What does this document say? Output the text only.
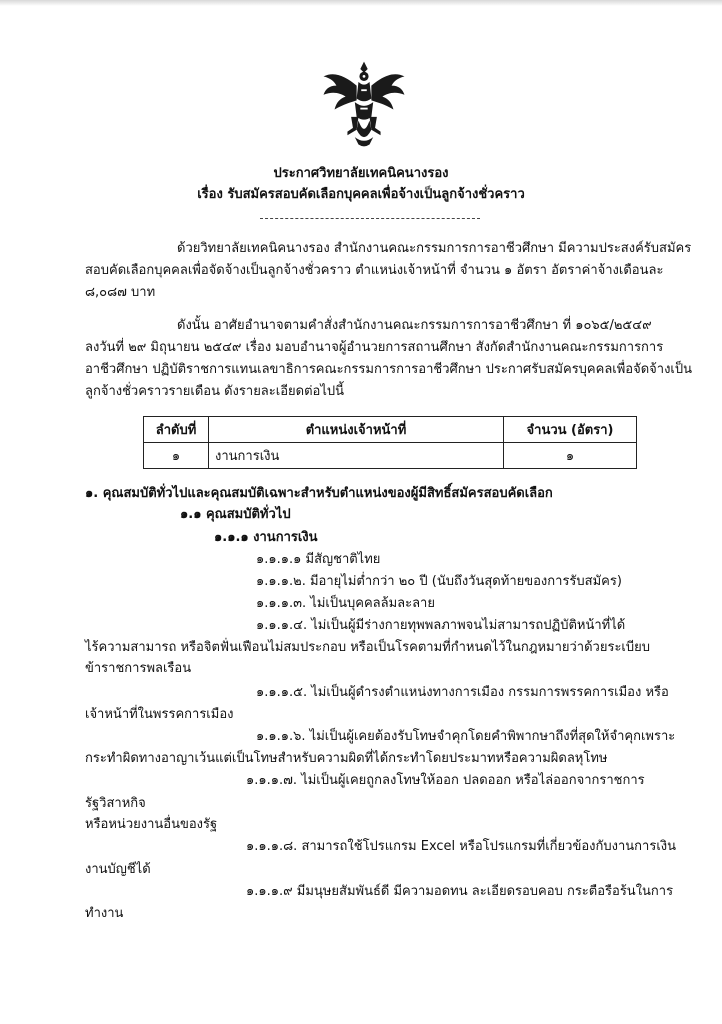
ประกาศวิทยาลัยเทคนิคนางรอง
เรื่อง รับสมัครสอบคัดเลือกบุคคลเพื่อจ้างเป็นลูกจ้างชั่วคราว
ด้วยวิทยาลัยเทคนิคนางรอง สำนักงานคณะกรรมการการอาชีวศึกษา มีความประสงค์รับสมัคร
สอบคัดเลือกบุคคลเพื่อจัดจ้างเป็นลูกจ้างชั่วคราว ตำแหน่งเจ้าหน้าที่ จำนวน ๑ อัตรา อัตราค่าจ้างเดือนละ
๘,๐๘๗ บาท
ดังนั้น อาศัยอำนาจตามคำสั่งสำนักงานคณะกรรมการการอาชีวศึกษา ที่ ๑๐๖๕/๒๕๔๙
ลงวันที่ ๒๙ มิถุนายน ๒๕๔๙ เรื่อง มอบอำนาจผู้อำนวยการสถานศึกษา สังกัดสำนักงานคณะกรรมการการ
อาชีวศึกษา ปฏิบัติราชการแทนเลขาธิการคณะกรรมการการอาชีวศึกษา ประกาศรับสมัครบุคคลเพื่อจัดจ้างเป็น
ลูกจ้างชั่วคราวรายเดือน ดังรายละเอียดต่อไปนี้
ลำดับที่	ตำแหน่งเจ้าหน้าที่	จำนวน (อัตรา)
๑	งานการเงิน	๑
๑. คุณสมบัติทั่วไปและคุณสมบัติเฉพาะสำหรับตำแหน่งของผู้มีสิทธิ์สมัครสอบคัดเลือก
๑.๑ คุณสมบัติทั่วไป
๑.๑.๑ งานการเงิน
๑.๑.๑.๑ มีสัญชาติไทย
๑.๑.๑.๒. มีอายุไม่ต่ำกว่า ๒๐ ปี (นับถึงวันสุดท้ายของการรับสมัคร)
๑.๑.๑.๓. ไม่เป็นบุคคลล้มละลาย
๑.๑.๑.๔. ไม่เป็นผู้มีร่างกายทุพพลภาพจนไม่สามารถปฏิบัติหน้าที่ได้
ไร้ความสามารถ หรือจิตฟั่นเฟือนไม่สมประกอบ หรือเป็นโรคตามที่กำหนดไว้ในกฎหมายว่าด้วยระเบียบ
ข้าราชการพลเรือน
๑.๑.๑.๕. ไม่เป็นผู้ดำรงตำแหน่งทางการเมือง กรรมการพรรคการเมือง หรือ
เจ้าหน้าที่ในพรรคการเมือง
๑.๑.๑.๖. ไม่เป็นผู้เคยต้องรับโทษจำคุกโดยคำพิพากษาถึงที่สุดให้จำคุกเพราะ
กระทำผิดทางอาญาเว้นแต่เป็นโทษสำหรับความผิดที่ได้กระทำโดยประมาทหรือความผิดลหุโทษ
๑.๑.๑.๗. ไม่เป็นผู้เคยถูกลงโทษให้ออก ปลดออก หรือไล่ออกจากราชการ
รัฐวิสาหกิจ
หรือหน่วยงานอื่นของรัฐ
๑.๑.๑.๘. สามารถใช้โปรแกรม Excel หรือโปรแกรมที่เกี่ยวข้องกับงานการเงิน
งานบัญชีได้
๑.๑.๑.๙ มีมนุษยสัมพันธ์ดี มีความอดทน ละเอียดรอบคอบ กระตือรือร้นในการ
ทำงาน
